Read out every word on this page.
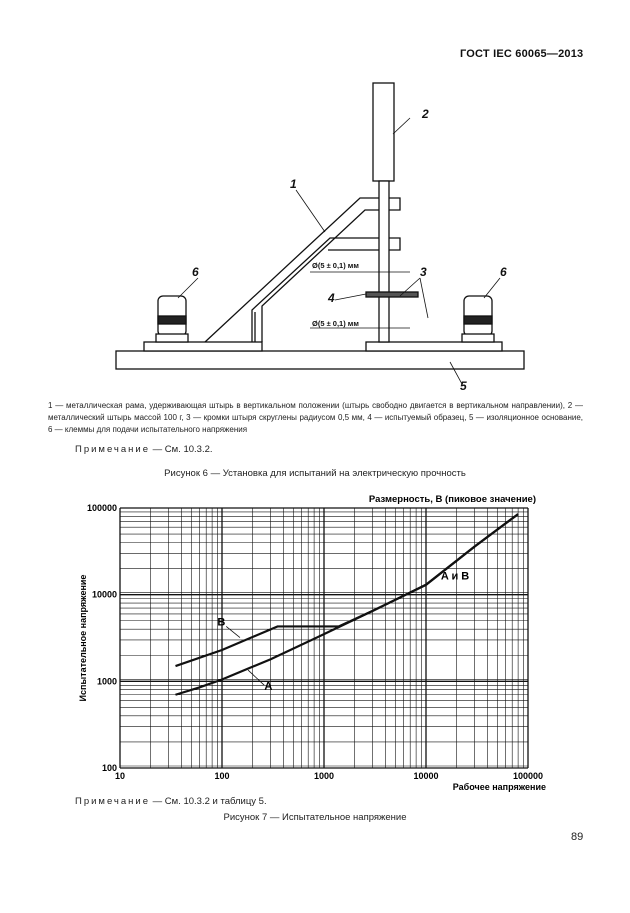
ГОСТ IEC 60065—2013
1
2
3
4
5
6	6
Ø(5 ± 0,1) мм
Ø(5 ± 0,1) мм
1 — металлическая рама, удерживающая штырь в вертикальном положении (штырь свободно двигается в вертикальном направлении), 2 — металлический штырь массой 100 г, 3 — кромки штыря скруглены радиусом 0,5 мм, 4 — испытуемый образец, 5 — изоляционное основание, 6 — клеммы для подачи испытательного напряжения
Примечание — См. 10.3.2.
Рисунок 6 — Установка для испытаний на электрическую прочность
10	100	1000	10000	100000
100
1000
10000
100000
A
B
A и B
Размерность, В (пиковое значение)
Рабочее напряжение
Испытательное напряжение
Примечание — См. 10.3.2 и таблицу 5.
Рисунок 7 — Испытательное напряжение
89
